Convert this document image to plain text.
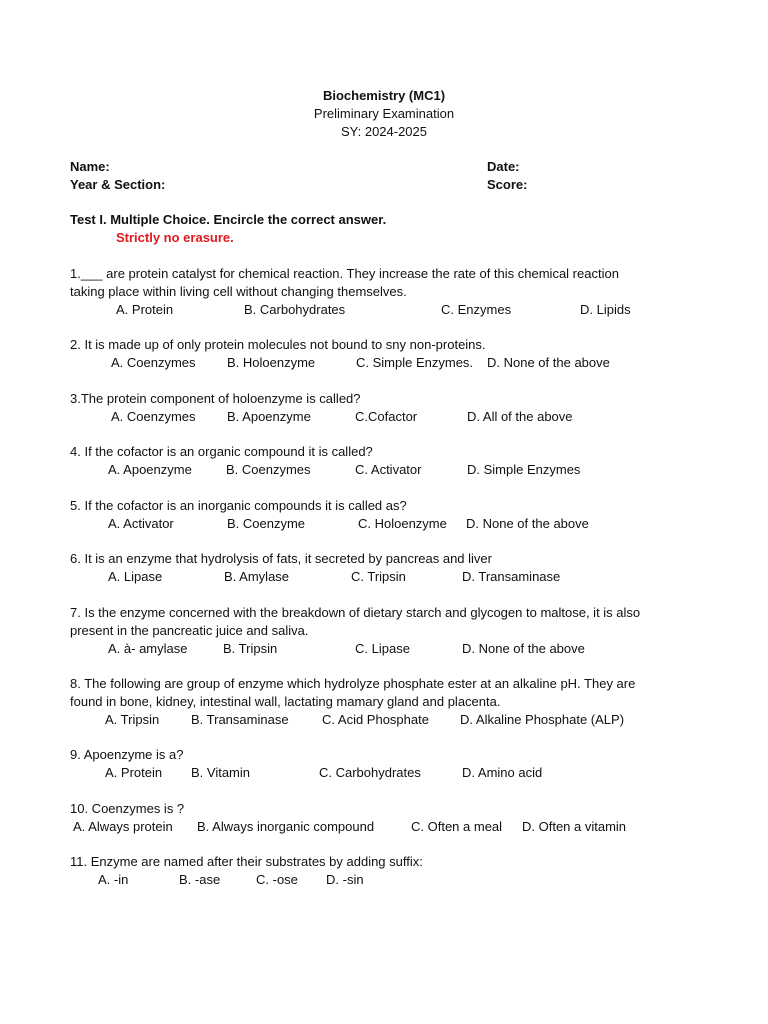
Biochemistry (MC1)
Preliminary Examination
SY: 2024-2025
Name:	Date:
Year & Section:	Score:
Test I. Multiple Choice. Encircle the correct answer.
Strictly no erasure.
1.___ are protein catalyst for chemical reaction. They increase the rate of this chemical reaction
taking place within living cell without changing themselves.
A. Protein	B. Carbohydrates	C. Enzymes	D. Lipids
2. It is made up of only protein molecules not bound to sny non-proteins.
A. Coenzymes B. Holoenzyme	C. Simple Enzymes. D. None of the above
3.The protein component of holoenzyme is called?
A. Coenzymes B. Apoenzyme	C.Cofactor	D. All of the above
4. If the cofactor is an organic compound it is called?
A. Apoenzyme	B. Coenzymes	C. Activator	D. Simple Enzymes
5. If the cofactor is an inorganic compounds it is called as?
A. Activator	B. Coenzyme	C. Holoenzyme D. None of the above
6. It is an enzyme that hydrolysis of fats, it secreted by pancreas and liver
A. Lipase	B. Amylase	C. Tripsin	D. Transaminase
7. Is the enzyme concerned with the breakdown of dietary starch and glycogen to maltose, it is also
present in the pancreatic juice and saliva.
A. à- amylase	B. Tripsin	C. Lipase	D. None of the above
8. The following are group of enzyme which hydrolyze phosphate ester at an alkaline pH. They are
found in bone, kidney, intestinal wall, lactating mamary gland and placenta.
A. Tripsin B. Transaminase	C. Acid Phosphate D. Alkaline Phosphate (ALP)
9. Apoenzyme is a?
A. Protein B. Vitamin	C. Carbohydrates	D. Amino acid
10. Coenzymes is ?
A. Always protein B. Always inorganic compound	C. Often a meal D. Often a vitamin
11. Enzyme are named after their substrates by adding suffix:
A. -in	B. -ase	C. -ose D. -sin
